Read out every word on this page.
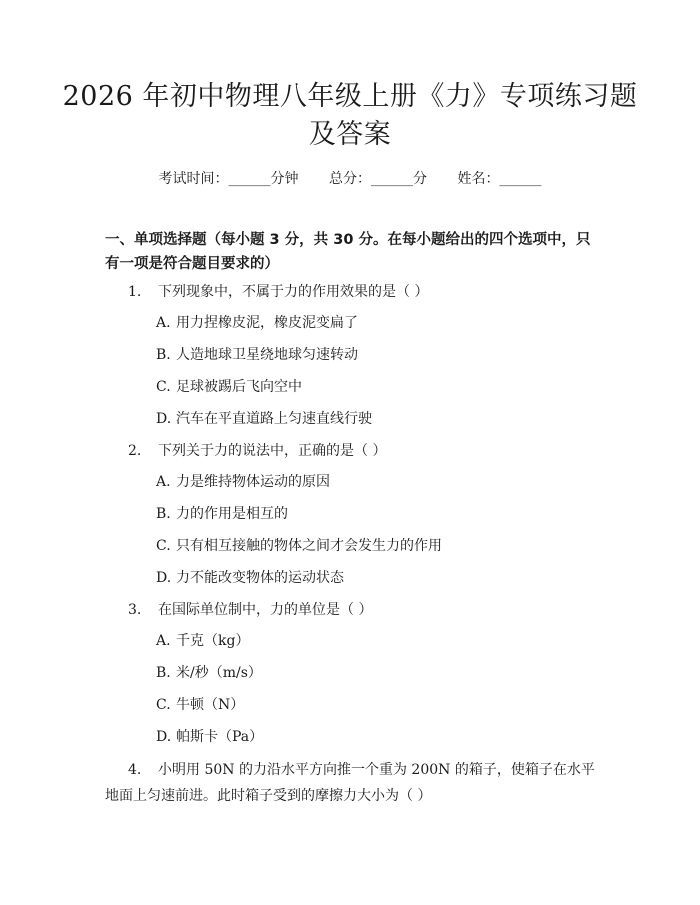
2026 年初中物理八年级上册《力》专项练习题及答案
考试时间：______分钟 总分：______分 姓名：______
一、单项选择题（每小题 3 分，共 30 分。在每小题给出的四个选项中，只有一项是符合题目要求的）
1. 下列现象中，不属于力的作用效果的是（ ）
A. 用力捏橡皮泥，橡皮泥变扁了
B. 人造地球卫星绕地球匀速转动
C. 足球被踢后飞向空中
D. 汽车在平直道路上匀速直线行驶
2. 下列关于力的说法中，正确的是（ ）
A. 力是维持物体运动的原因
B. 力的作用是相互的
C. 只有相互接触的物体之间才会发生力的作用
D. 力不能改变物体的运动状态
3. 在国际单位制中，力的单位是（ ）
A. 千克（kg）
B. 米/秒（m/s）
C. 牛顿（N）
D. 帕斯卡（Pa）
4. 小明用 50N 的力沿水平方向推一个重为 200N 的箱子，使箱子在水平地面上匀速前进。此时箱子受到的摩擦力大小为（ ）
